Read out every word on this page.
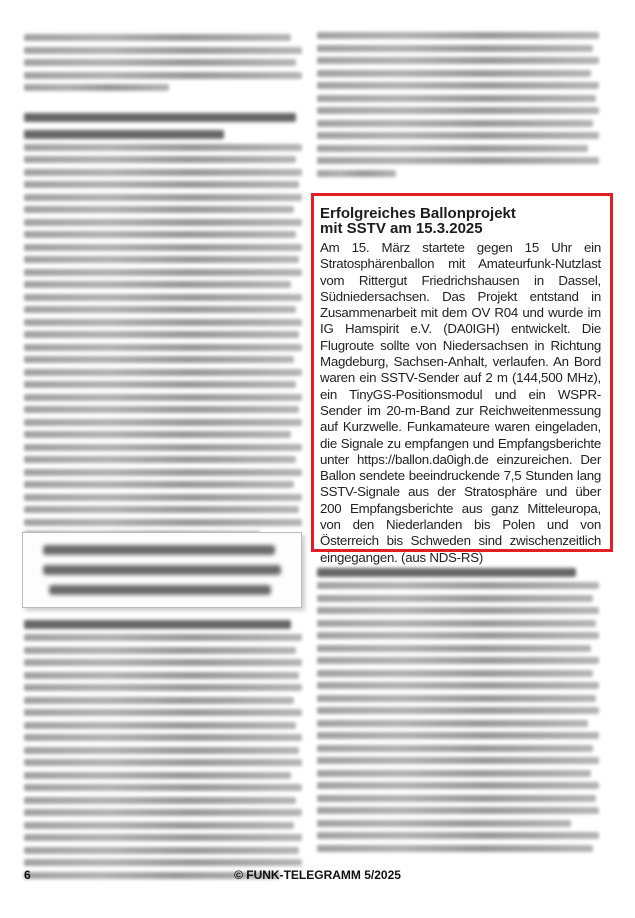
Erfolgreiches Ballonprojekt
mit SSTV am 15.3.2025

Am 15. März startete gegen 15 Uhr ein Stratosphärenballon mit Amateurfunk-Nutzlast vom Rittergut Friedrichshausen in Dassel, Südniedersachsen. Das Projekt entstand in Zusammenarbeit mit dem OV R04 und wurde im IG Hamspirit e.V. (DA0IGH) entwickelt. Die Flugroute sollte von Niedersachsen in Richtung Magdeburg, Sachsen-Anhalt, verlaufen. An Bord waren ein SSTV-Sender auf 2 m (144,500 MHz), ein TinyGS-Positionsmodul und ein WSPR-Sender im 20-m-Band zur Reichweitenmessung auf Kurzwelle. Funkamateure waren eingeladen, die Signale zu empfangen und Empfangsberichte unter https://ballon.da0igh.de einzureichen. Der Ballon sendete beeindruckende 7,5 Stunden lang SSTV-Signale aus der Stratosphäre und über 200 Empfangsberichte aus ganz Mitteleuropa, von den Niederlanden bis Polen und von Österreich bis Schweden sind zwischenzeitlich eingegangen. (aus NDS-RS)

6	© FUNK-TELEGRAMM 5/2025
